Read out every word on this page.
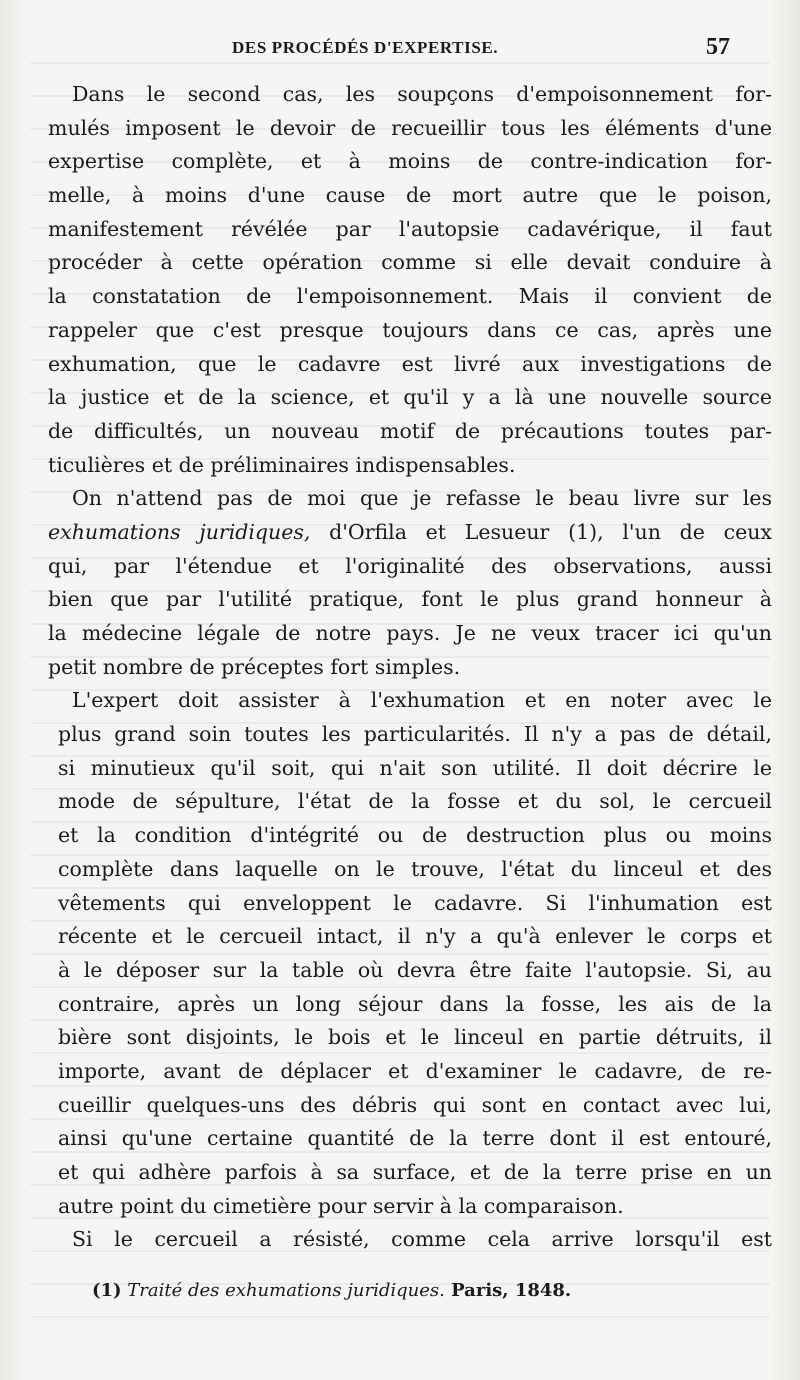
DES PROCÉDÉS D'EXPERTISE.	57
Dans le second cas, les soupçons d'empoisonnement for-
mulés imposent le devoir de recueillir tous les éléments d'une
expertise complète, et à moins de contre-indication for-
melle, à moins d'une cause de mort autre que le poison,
manifestement révélée par l'autopsie cadavérique, il faut
procéder à cette opération comme si elle devait conduire à
la constatation de l'empoisonnement. Mais il convient de
rappeler que c'est presque toujours dans ce cas, après une
exhumation, que le cadavre est livré aux investigations de
la justice et de la science, et qu'il y a là une nouvelle source
de difficultés, un nouveau motif de précautions toutes par-
ticulières et de préliminaires indispensables.
On n'attend pas de moi que je refasse le beau livre sur les
exhumations juridiques, d'Orfila et Lesueur (1), l'un de ceux
qui, par l'étendue et l'originalité des observations, aussi
bien que par l'utilité pratique, font le plus grand honneur à
la médecine légale de notre pays. Je ne veux tracer ici qu'un
petit nombre de préceptes fort simples.
L'expert doit assister à l'exhumation et en noter avec le
plus grand soin toutes les particularités. Il n'y a pas de détail,
si minutieux qu'il soit, qui n'ait son utilité. Il doit décrire le
mode de sépulture, l'état de la fosse et du sol, le cercueil
et la condition d'intégrité ou de destruction plus ou moins
complète dans laquelle on le trouve, l'état du linceul et des
vêtements qui enveloppent le cadavre. Si l'inhumation est
récente et le cercueil intact, il n'y a qu'à enlever le corps et
à le déposer sur la table où devra être faite l'autopsie. Si, au
contraire, après un long séjour dans la fosse, les ais de la
bière sont disjoints, le bois et le linceul en partie détruits, il
importe, avant de déplacer et d'examiner le cadavre, de re-
cueillir quelques-uns des débris qui sont en contact avec lui,
ainsi qu'une certaine quantité de la terre dont il est entouré,
et qui adhère parfois à sa surface, et de la terre prise en un
autre point du cimetière pour servir à la comparaison.
Si le cercueil a résisté, comme cela arrive lorsqu'il est
(1) Traité des exhumations juridiques. Paris, 1848.
